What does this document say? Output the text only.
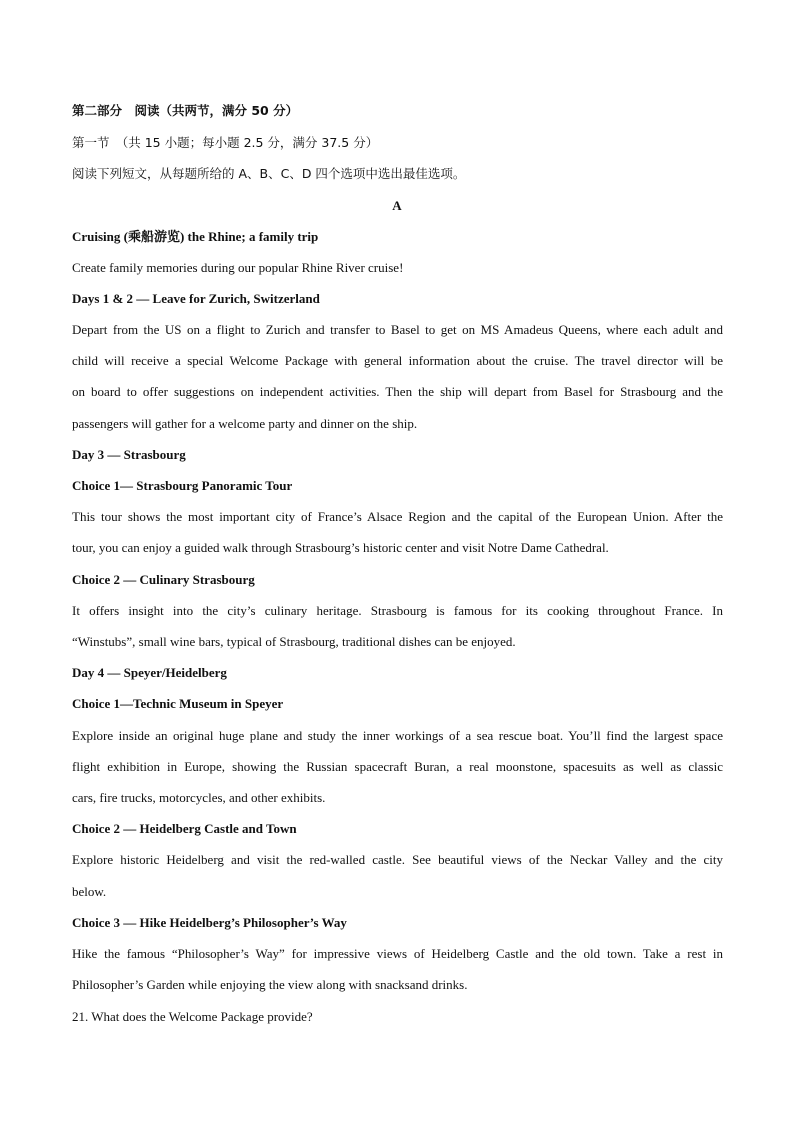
第二部分　阅读（共两节，满分 50 分）
第一节　（共 15 小题；每小题 2.5 分，满分 37.5 分）
阅读下列短文，从每题所给的 A、B、C、D 四个选项中选出最佳选项。
A
Cruising (乘船游览) the Rhine; a family trip
Create family memories during our popular Rhine River cruise!
Days 1 & 2 — Leave for Zurich, Switzerland
Depart from the US on a flight to Zurich and transfer to Basel to get on MS Amadeus Queens, where each adult and
child will receive a special Welcome Package with general information about the cruise. The travel director will be
on board to offer suggestions on independent activities. Then the ship will depart from Basel for Strasbourg and the
passengers will gather for a welcome party and dinner on the ship.
Day 3 — Strasbourg
Choice 1— Strasbourg Panoramic Tour
This tour shows the most important city of France’s Alsace Region and the capital of the European Union. After the
tour, you can enjoy a guided walk through Strasbourg’s historic center and visit Notre Dame Cathedral.
Choice 2 — Culinary Strasbourg
It offers insight into the city’s culinary heritage. Strasbourg is famous for its cooking throughout France. In
“Winstubs”, small wine bars, typical of Strasbourg, traditional dishes can be enjoyed.
Day 4 — Speyer/Heidelberg
Choice 1—Technic Museum in Speyer
Explore inside an original huge plane and study the inner workings of a sea rescue boat. You’ll find the largest space
flight exhibition in Europe, showing the Russian spacecraft Buran, a real moonstone, spacesuits as well as classic
cars, fire trucks, motorcycles, and other exhibits.
Choice 2 — Heidelberg Castle and Town
Explore historic Heidelberg and visit the red-walled castle. See beautiful views of the Neckar Valley and the city
below.
Choice 3 — Hike Heidelberg’s Philosopher’s Way
Hike the famous “Philosopher’s Way” for impressive views of Heidelberg Castle and the old town. Take a rest in
Philosopher’s Garden while enjoying the view along with snacksand drinks.
21. What does the Welcome Package provide?
